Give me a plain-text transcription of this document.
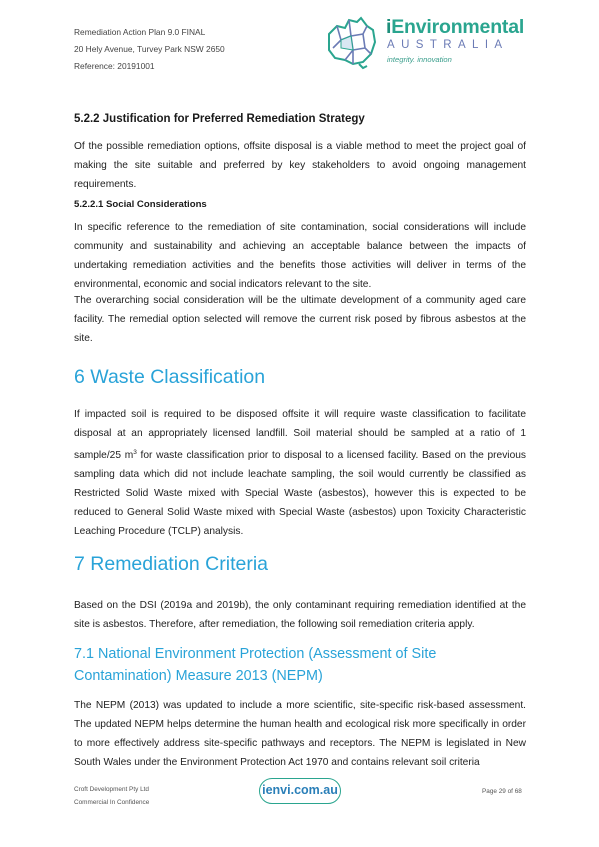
Remediation Action Plan 9.0 FINAL
20 Hely Avenue, Turvey Park NSW 2650
Reference: 20191001
iEnvironmental
AUSTRALIA
integrity. innovation
5.2.2 Justification for Preferred Remediation Strategy

Of the possible remediation options, offsite disposal is a viable method to meet the project goal of making the site suitable and preferred by key stakeholders to avoid ongoing management requirements.

5.2.2.1 Social Considerations

In specific reference to the remediation of site contamination, social considerations will include community and sustainability and achieving an acceptable balance between the impacts of undertaking remediation activities and the benefits those activities will deliver in terms of the environmental, economic and social indicators relevant to the site.

The overarching social consideration will be the ultimate development of a community aged care facility. The remedial option selected will remove the current risk posed by fibrous asbestos at the site.

6 Waste Classification

If impacted soil is required to be disposed offsite it will require waste classification to facilitate disposal at an appropriately licensed landfill. Soil material should be sampled at a ratio of 1 sample/25 $m^3$ for waste classification prior to disposal to a licensed facility. Based on the previous sampling data which did not include leachate sampling, the soil would currently be classified as Restricted Solid Waste mixed with Special Waste (asbestos), however this is expected to be reduced to General Solid Waste mixed with Special Waste (asbestos) upon Toxicity Characteristic Leaching Procedure (TCLP) analysis.

7 Remediation Criteria

Based on the DSI (2019a and 2019b), the only contaminant requiring remediation identified at the site is asbestos. Therefore, after remediation, the following soil remediation criteria apply.

7.1 National Environment Protection (Assessment of Site Contamination) Measure 2013 (NEPM)

The NEPM (2013) was updated to include a more scientific, site-specific risk-based assessment. The updated NEPM helps determine the human health and ecological risk more specifically in order to more effectively address site-specific pathways and receptors. The NEPM is legislated in New South Wales under the Environment Protection Act 1970 and contains relevant soil criteria

Croft Development Pty Ltd
Commercial In Confidence
ienvi.com.au	Page 29 of 68
